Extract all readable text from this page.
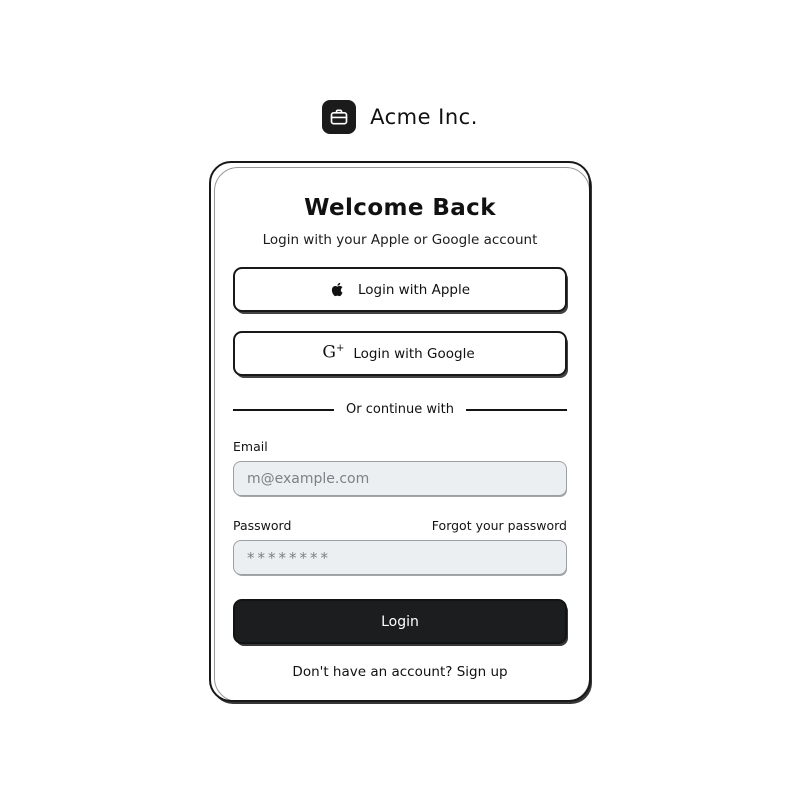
Acme Inc.
Welcome Back
Login with your Apple or Google account
Login with Apple
G+ Login with Google
Or continue with
Email
m@example.com
Password	Forgot your password
********
Login
Don't have an account? Sign up
